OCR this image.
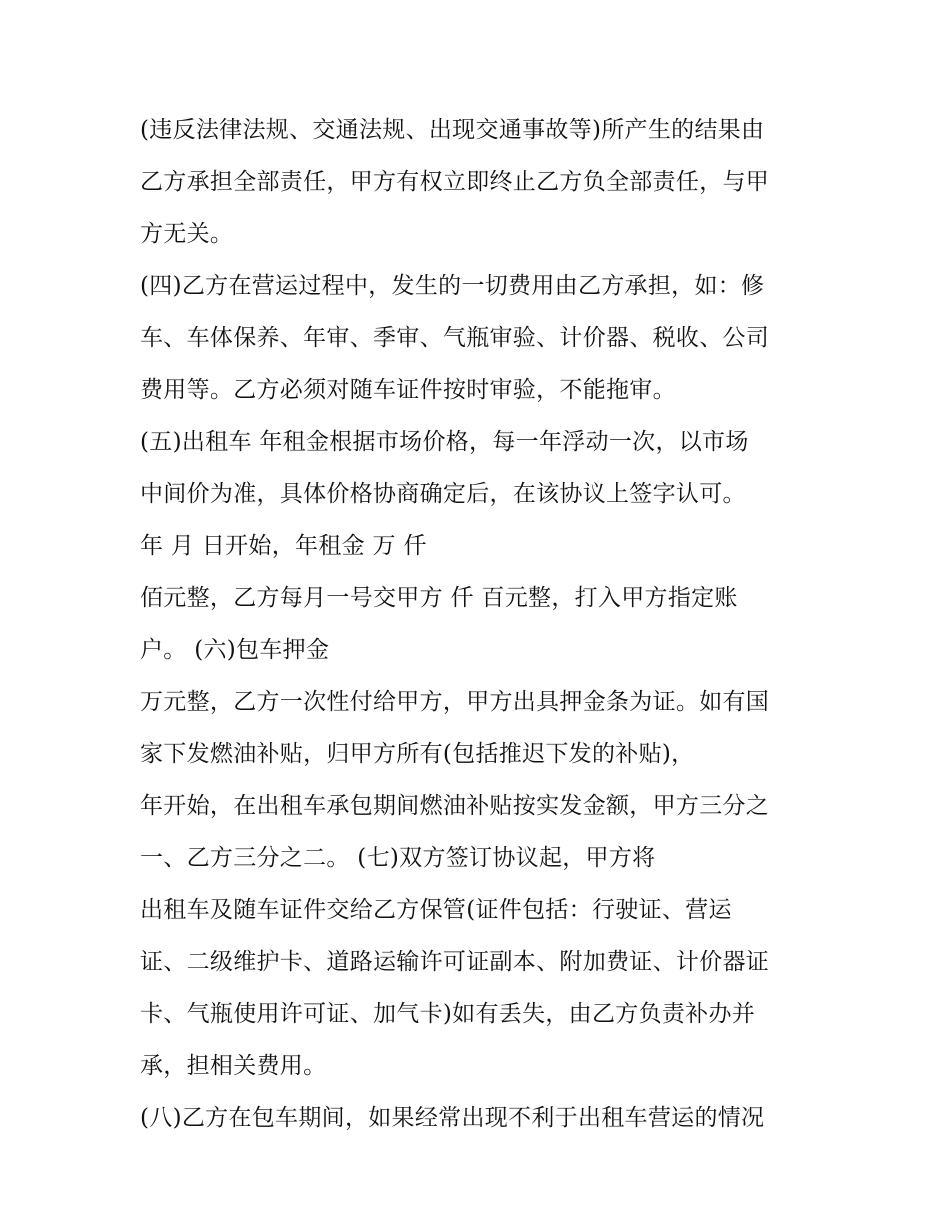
(违反法律法规、交通法规、出现交通事故等)所产生的结果由
乙方承担全部责任，甲方有权立即终止乙方负全部责任，与甲
方无关。
(四)乙方在营运过程中，发生的一切费用由乙方承担，如：修
车、车体保养、年审、季审、气瓶审验、计价器、税收、公司
费用等。乙方必须对随车证件按时审验，不能拖审。
(五)出租车 年租金根据市场价格，每一年浮动一次，以市场
中间价为准，具体价格协商确定后，在该协议上签字认可。
年 月 日开始，年租金 万 仟
佰元整，乙方每月一号交甲方 仟 百元整，打入甲方指定账
户。 (六)包车押金
万元整，乙方一次性付给甲方，甲方出具押金条为证。如有国
家下发燃油补贴，归甲方所有(包括推迟下发的补贴)，
年开始，在出租车承包期间燃油补贴按实发金额，甲方三分之
一、乙方三分之二。 (七)双方签订协议起，甲方将
出租车及随车证件交给乙方保管(证件包括：行驶证、营运
证、二级维护卡、道路运输许可证副本、附加费证、计价器证
卡、气瓶使用许可证、加气卡)如有丢失，由乙方负责补办并
承，担相关费用。
(八)乙方在包车期间，如果经常出现不利于出租车营运的情况
